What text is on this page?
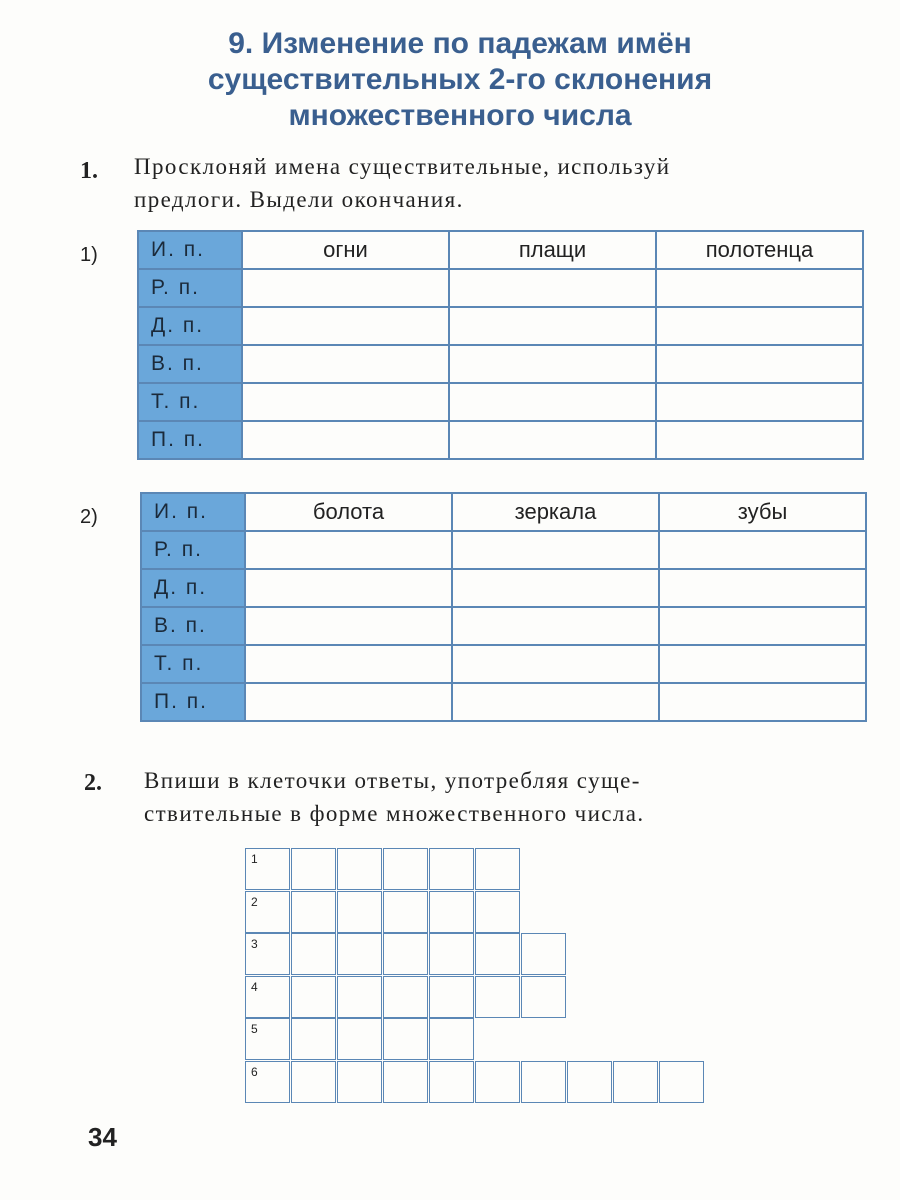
9. Изменение по падежам имён
существительных 2-го склонения
множественного числа
1. Просклоняй имена существительные, используй
предлоги. Выдели окончания.
1)	И. п.	огни	плащи	полотенца
Р. п.			
Д. п.			
В. п.			
Т. п.			
П. п.			
2)	И. п.	болота	зеркала	зубы
Р. п.			
Д. п.			
В. п.			
Т. п.			
П. п.			
2. Впиши в клеточки ответы, употребляя суще-
ствительные в форме множественного числа.
1
2
3
4
5
6
34
